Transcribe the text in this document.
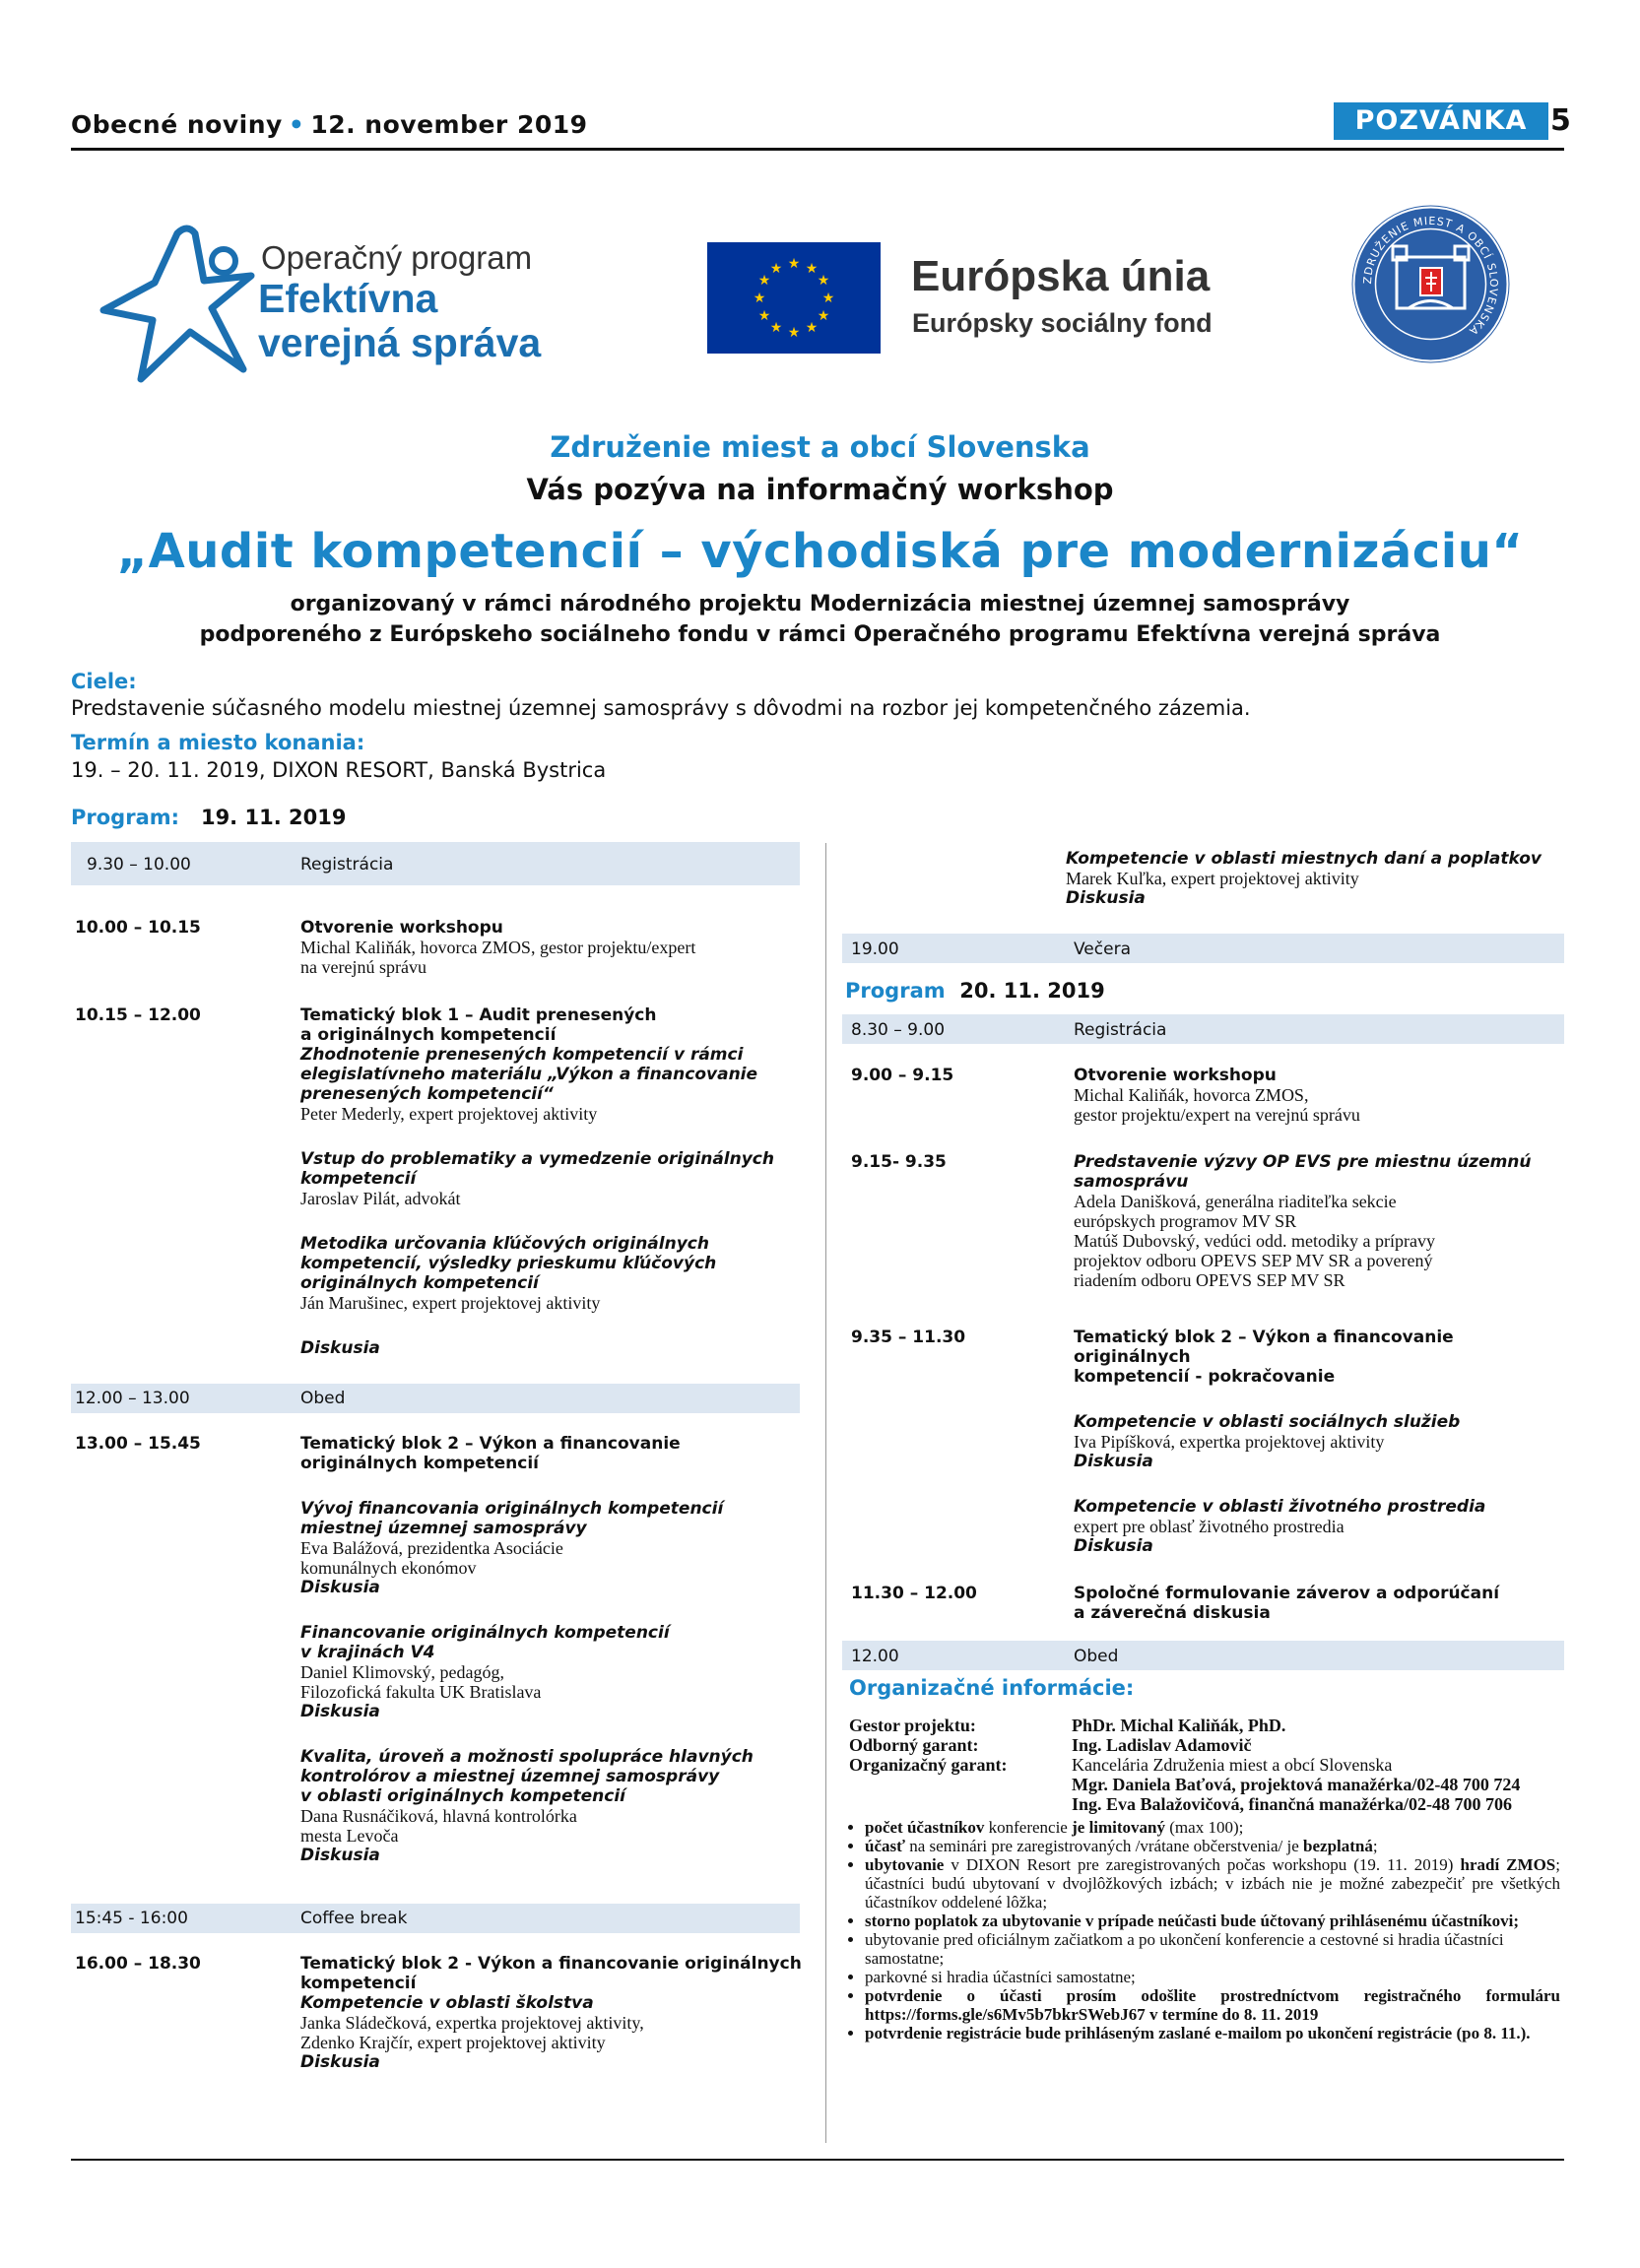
Obecné noviny • 12. november 2019	POZVÁNKA 5
Operačný program
Efektívna
verejná správa
★ ★
★
★
★
★
★
★
★
★
★
★	Európska únia
Európsky sociálny fond
ZDRUŽENIE MIEST A OBCÍ SLOVENSKA
Združenie miest a obcí Slovenska
Vás pozýva na informačný workshop
„Audit kompetencií – východiská pre modernizáciu“
organizovaný v rámci národného projektu Modernizácia miestnej územnej samosprávy
podporeného z Európskeho sociálneho fondu v rámci Operačného programu Efektívna verejná správa
Ciele:
Predstavenie súčasného modelu miestnej územnej samosprávy s dôvodmi na rozbor jej kompetenčného zázemia.
Termín a miesto konania:
19. – 20. 11. 2019, DIXON RESORT, Banská Bystrica
Program: 19. 11. 2019
9.30 – 10.00	Registrácia
10.00 – 10.15	Otvorenie workshopu
Michal Kaliňák, hovorca ZMOS, gestor projektu/expert
na verejnú správu
10.15 – 12.00	Tematický blok 1 – Audit prenesených
a originálnych kompetencií
Zhodnotenie prenesených kompetencií v rámci
elegislatívneho materiálu „Výkon a financovanie
prenesených kompetencií“
Peter Mederly, expert projektovej aktivity
Vstup do problematiky a vymedzenie originálnych
kompetencií
Jaroslav Pilát, advokát
Metodika určovania kľúčových originálnych
kompetencií, výsledky prieskumu kľúčových
originálnych kompetencií
Ján Marušinec, expert projektovej aktivity
Diskusia
12.00 – 13.00	Obed
13.00 – 15.45	Tematický blok 2 – Výkon a financovanie
originálnych kompetencií
Vývoj financovania originálnych kompetencií
miestnej územnej samosprávy
Eva Balážová, prezidentka Asociácie
komunálnych ekonómov
Diskusia
Financovanie originálnych kompetencií
v krajinách V4
Daniel Klimovský, pedagóg,
Filozofická fakulta UK Bratislava
Diskusia
Kvalita, úroveň a možnosti spolupráce hlavných
kontrolórov a miestnej územnej samosprávy
v oblasti originálnych kompetencií
Dana Rusnáčiková, hlavná kontrolórka
mesta Levoča
Diskusia
15:45 - 16:00	Coffee break
16.00 – 18.30	Tematický blok 2 - Výkon a financovanie originálnych
kompetencií
Kompetencie v oblasti školstva
Janka Sládečková, expertka projektovej aktivity,
Zdenko Krajčír, expert projektovej aktivity
Diskusia
Kompetencie v oblasti miestnych daní a poplatkov
Marek Kuľka, expert projektovej aktivity
Diskusia
19.00	Večera
Program 20. 11. 2019
8.30 – 9.00	Registrácia
9.00 – 9.15	Otvorenie workshopu
Michal Kaliňák, hovorca ZMOS,
gestor projektu/expert na verejnú správu
9.15- 9.35	Predstavenie výzvy OP EVS pre miestnu územnú
samosprávu
Adela Danišková, generálna riaditeľka sekcie
európskych programov MV SR
Matúš Dubovský, vedúci odd. metodiky a prípravy
projektov odboru OPEVS SEP MV SR a poverený
riadením odboru OPEVS SEP MV SR
9.35 – 11.30	Tematický blok 2 – Výkon a financovanie originálnych
kompetencií - pokračovanie
Kompetencie v oblasti sociálnych služieb
Iva Pipíšková, expertka projektovej aktivity
Diskusia
Kompetencie v oblasti životného prostredia
expert pre oblasť životného prostredia
Diskusia
11.30 – 12.00	Spoločné formulovanie záverov a odporúčaní
a záverečná diskusia
12.00	Obed
Organizačné informácie:
Gestor projektu:	PhDr. Michal Kaliňák, PhD.
Odborný garant:	Ing. Ladislav Adamovič
Organizačný garant:	Kancelária Združenia miest a obcí Slovenska
Mgr. Daniela Baťová, projektová manažérka/02-48 700 724
Ing. Eva Balažovičová, finančná manažérka/02-48 700 706
• počet účastníkov konferencie je limitovaný (max 100);
• účasť na seminári pre zaregistrovaných /vrátane občerstvenia/ je bezplatná;
• ubytovanie v DIXON Resort pre zaregistrovaných počas workshopu (19. 11. 2019) hradí ZMOS; účastníci budú ubytovaní v dvojlôžkových izbách; v izbách nie je možné zabezpečiť pre všetkých účastníkov oddelené lôžka;
• storno poplatok za ubytovanie v prípade neúčasti bude účtovaný prihlásenému účastníkovi;
• ubytovanie pred oficiálnym začiatkom a po ukončení konferencie a cestovné si hradia účastníci samostatne;
• parkovné si hradia účastníci samostatne;
• potvrdenie o účasti prosím odošlite prostredníctvom registračného formuláru https://forms.gle/s6Mv5b7bkrSWebJ67 v termíne do 8. 11. 2019
• potvrdenie registrácie bude prihláseným zaslané e-mailom po ukončení registrácie (po 8. 11.).
